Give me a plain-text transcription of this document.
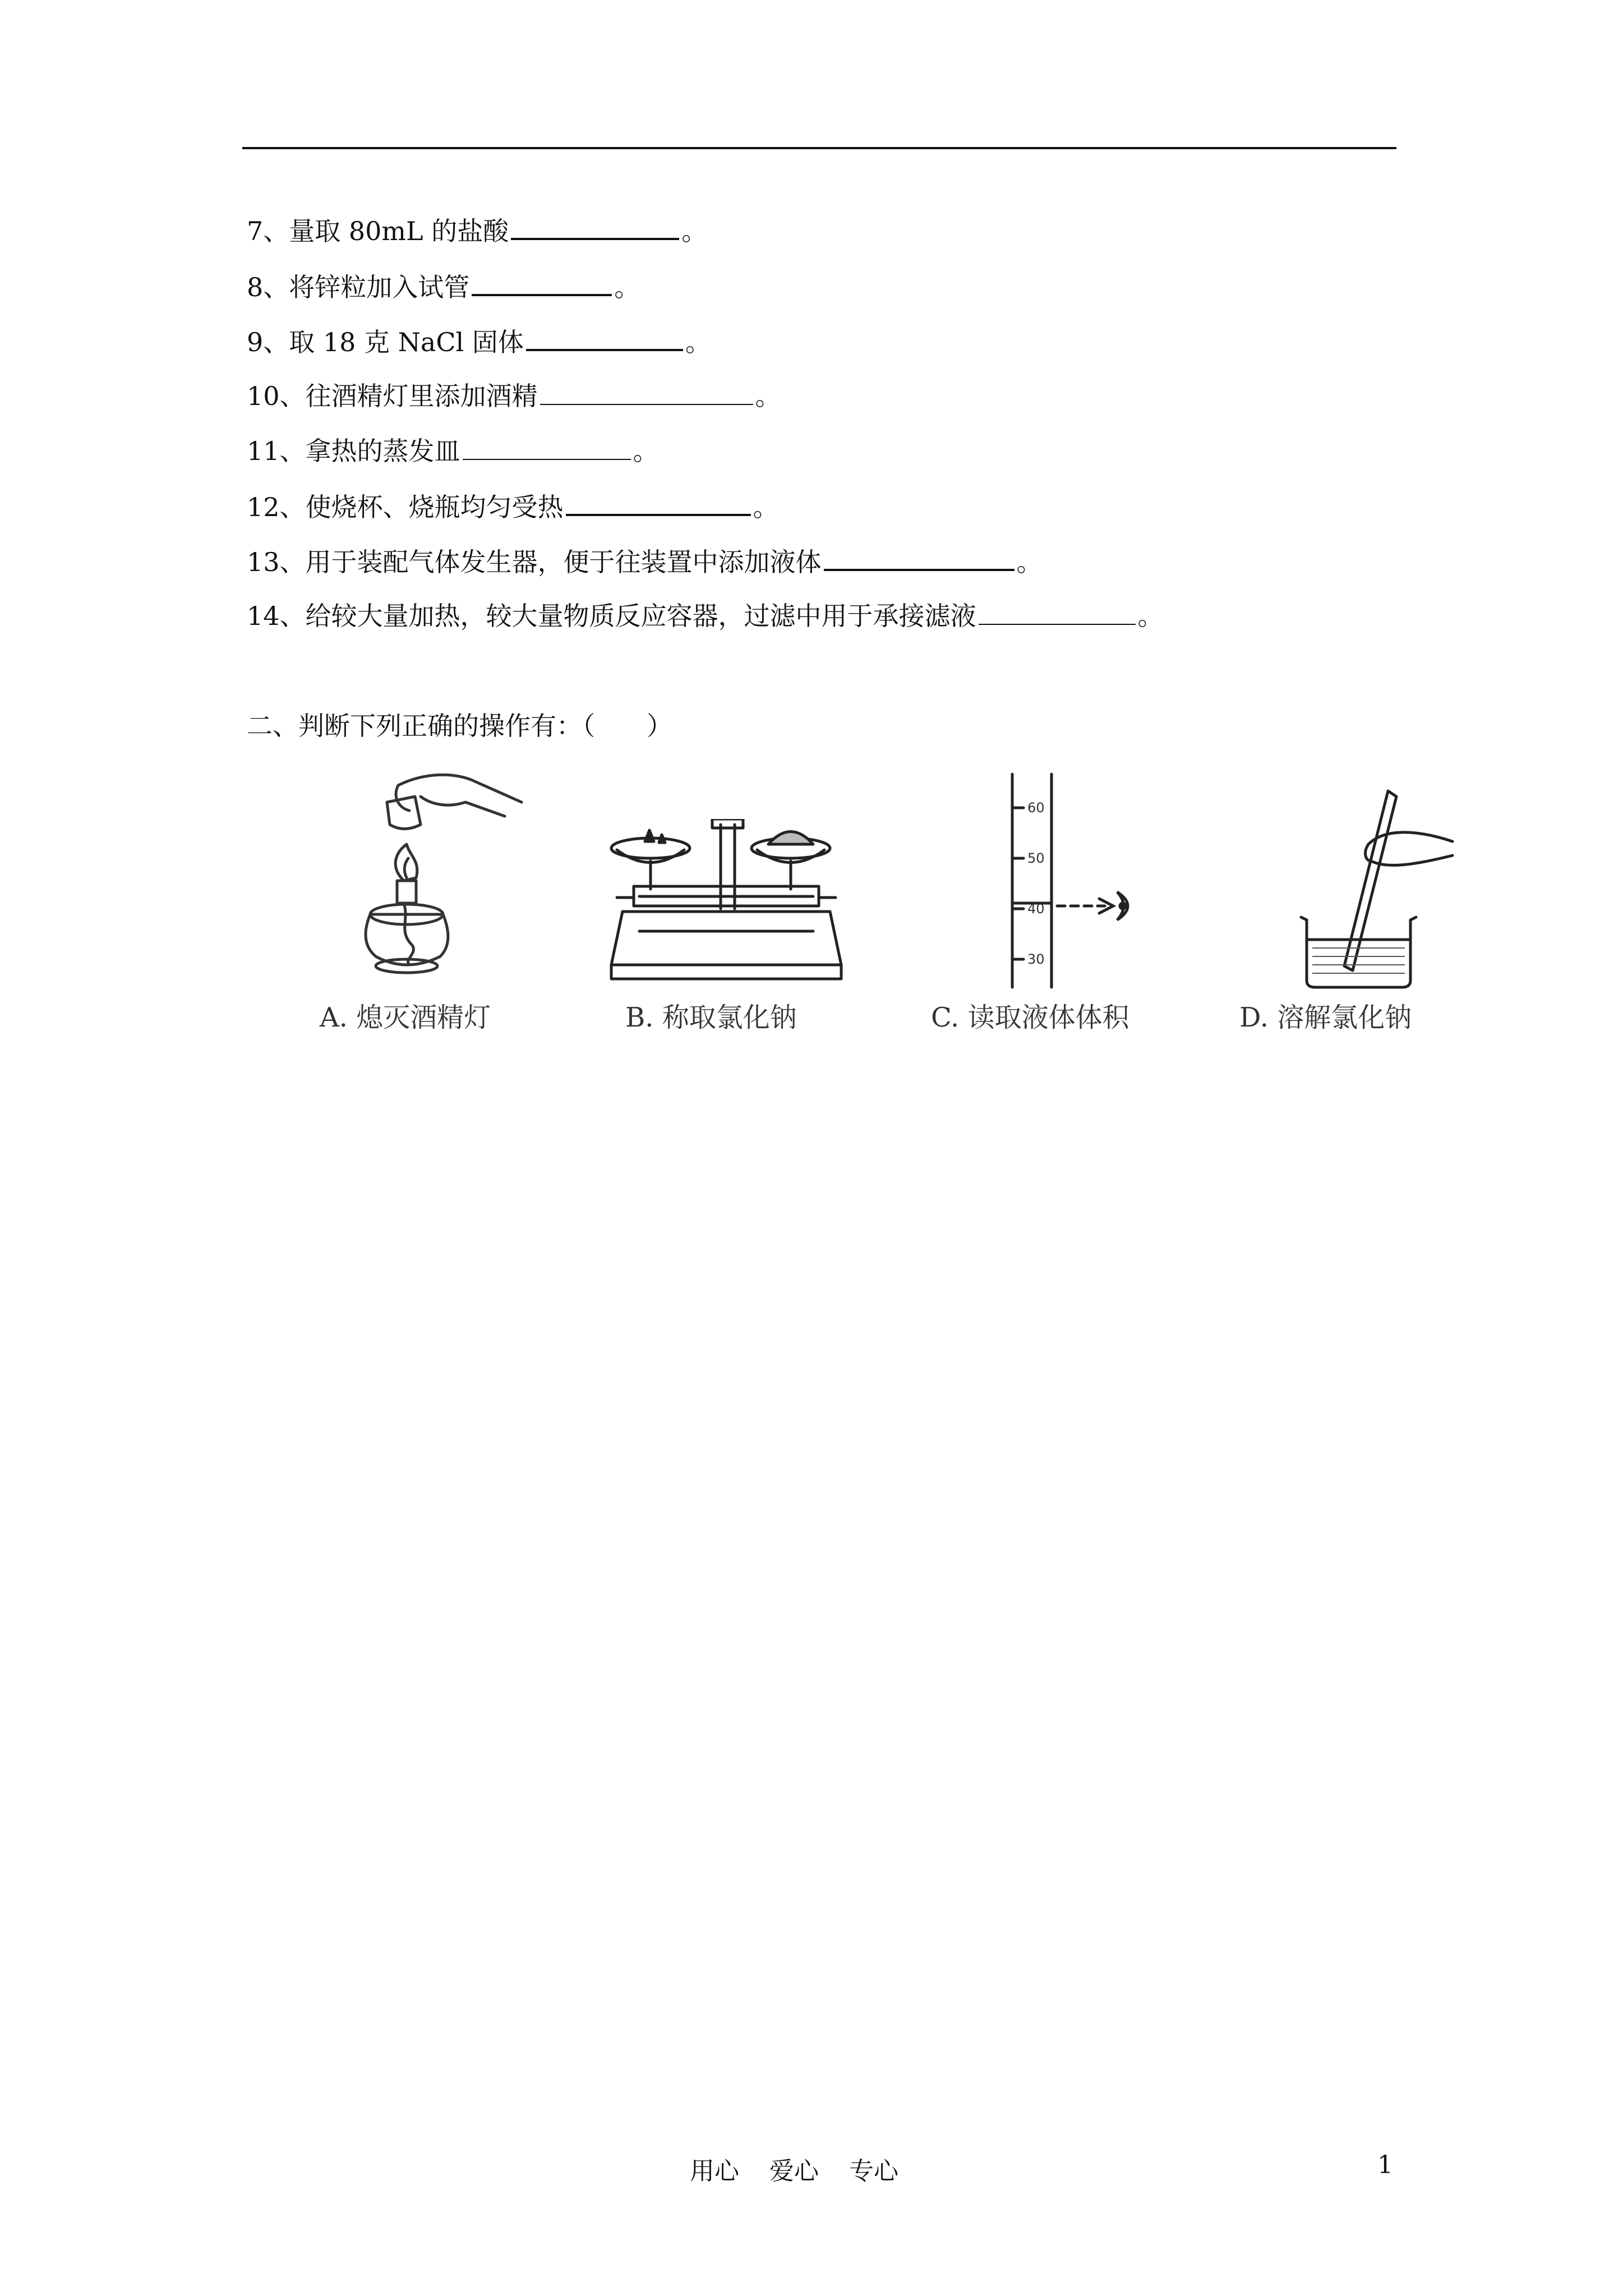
7、量取 80mL 的盐酸	。
8、将锌粒加入试管	。
9、取 18 克 NaCl 固体	。
10、往酒精灯里添加酒精	。
11、拿热的蒸发皿	。
12、使烧杯、烧瓶均匀受热	。
13、用于装配气体发生器，便于往装置中添加液体	。
14、给较大量加热，较大量物质反应容器，过滤中用于承接滤液	。
二、判断下列正确的操作有：（　　）
60
50
40
30
A. 熄灭酒精灯	B. 称取氯化钠	C. 读取液体体积	D. 溶解氯化钠
用心 爱心 专心	1
